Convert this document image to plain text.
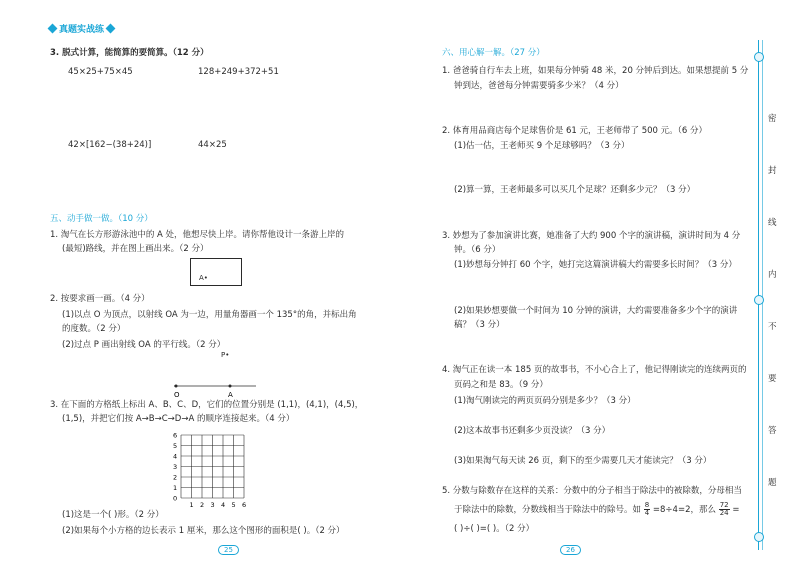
真题实战练
3. 脱式计算，能简算的要简算。（12 分）
45×25+75×45	128+249+372+51
42×[162−(38+24)]	44×25
五、动手做一做。（10 分）
1. 淘气在长方形游泳池中的 A 处，他想尽快上岸。请你帮他设计一条游上岸的
(最短)路线，并在图上画出来。（2 分）
A•
2. 按要求画一画。（4 分）
(1)以点 O 为顶点，以射线 OA 为一边，用量角器画一个 135°的角，并标出角
的度数。（2 分）
(2)过点 P 画出射线 OA 的平行线。（2 分）
P•
O	A
3. 在下面的方格纸上标出 A、B、C、D，它们的位置分别是 (1,1)，(4,1)，(4,5)，
(1,5)，并把它们按 A→B→C→D→A 的顺序连接起来。（4 分）
6
5
4
3
2
1
0
1 2 3 4 5 6
(1)这是一个( )形。（2 分）
(2)如果每个小方格的边长表示 1 厘米，那么这个图形的面积是( )。（2 分）
25
六、用心解一解。（27 分）
1. 爸爸骑自行车去上班，如果每分钟骑 48 米，20 分钟后到达。如果想提前 5 分
钟到达，爸爸每分钟需要骑多少米？（4 分）
2. 体育用品商店每个足球售价是 61 元，王老师带了 500 元。（6 分）
(1)估一估，王老师买 9 个足球够吗？（3 分）
(2)算一算，王老师最多可以买几个足球？还剩多少元？（3 分）
3. 妙想为了参加演讲比赛，她准备了大约 900 个字的演讲稿，演讲时间为 4 分
钟。（6 分）
(1)妙想每分钟打 60 个字，她打完这篇演讲稿大约需要多长时间？（3 分）
(2)如果妙想要做一个时间为 10 分钟的演讲，大约需要准备多少个字的演讲
稿？（3 分）
4. 淘气正在读一本 185 页的故事书，不小心合上了，他记得刚读完的连续两页的
页码之和是 83。（9 分）
(1)淘气刚读完的两页页码分别是多少？（3 分）
(2)这本故事书还剩多少页没读？（3 分）
(3)如果淘气每天读 26 页，剩下的至少需要几天才能读完？（3 分）
5. 分数与除数存在这样的关系：分数中的分子相当于除法中的被除数，分母相当
于除法中的除数，分数线相当于除法中的除号。如 $\frac{8}{4} =8\div 4=2$，那么 $\frac{72}{24}$ =
( )÷( )=( )。（2 分）
26
密
封
线
内
不
要
答
题
